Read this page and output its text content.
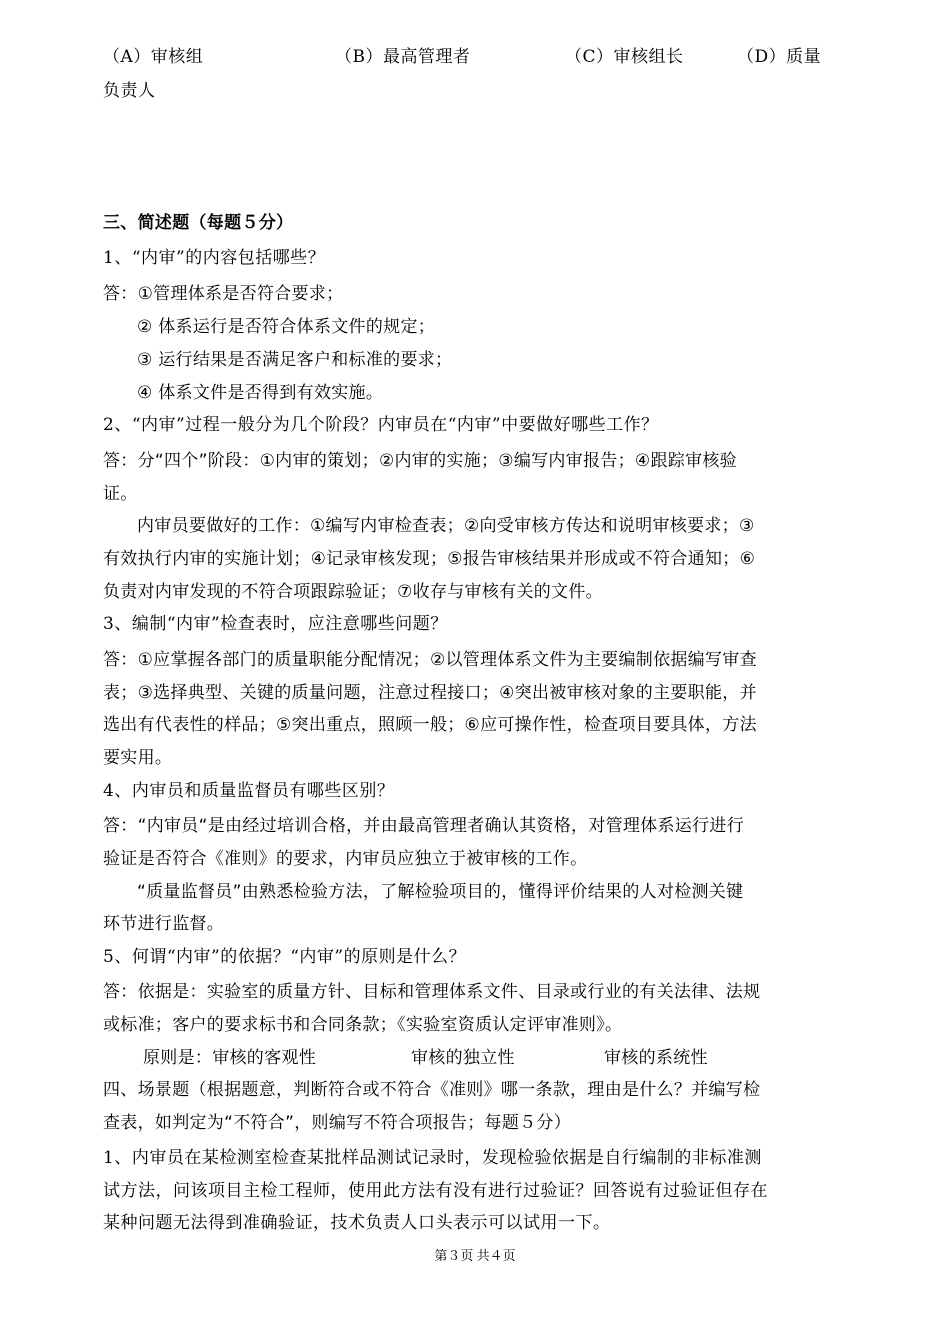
（A）审核组	（B）最高管理者	（C）审核组长	（D）质量
负责人
三、简述题（每题５分）
1、“内审”的内容包括哪些？
答：①管理体系是否符合要求；
② 体系运行是否符合体系文件的规定；
③ 运行结果是否满足客户和标准的要求；
④ 体系文件是否得到有效实施。
2、“内审”过程一般分为几个阶段？内审员在“内审”中要做好哪些工作？
答：分“四个”阶段：①内审的策划；②内审的实施；③编写内审报告；④跟踪审核验
证。
内审员要做好的工作：①编写内审检查表；②向受审核方传达和说明审核要求；③
有效执行内审的实施计划；④记录审核发现；⑤报告审核结果并形成或不符合通知；⑥
负责对内审发现的不符合项跟踪验证；⑦收存与审核有关的文件。
3、编制“内审”检查表时，应注意哪些问题？
答：①应掌握各部门的质量职能分配情况；②以管理体系文件为主要编制依据编写审查
表；③选择典型、关键的质量问题，注意过程接口；④突出被审核对象的主要职能，并
选出有代表性的样品；⑤突出重点，照顾一般；⑥应可操作性，检查项目要具体，方法
要实用。
4、内审员和质量监督员有哪些区别？
答：“内审员“是由经过培训合格，并由最高管理者确认其资格，对管理体系运行进行
验证是否符合《准则》的要求，内审员应独立于被审核的工作。
“质量监督员”由熟悉检验方法，了解检验项目的，懂得评价结果的人对检测关键
环节进行监督。
5、何谓“内审”的依据？“内审”的原则是什么？
答：依据是：实验室的质量方针、目标和管理体系文件、目录或行业的有关法律、法规
或标准；客户的要求标书和合同条款；《实验室资质认定评审准则》。
原则是：审核的客观性	审核的独立性	审核的系统性
四、场景题（根据题意，判断符合或不符合《准则》哪一条款，理由是什么？并编写检
查表，如判定为“不符合”，则编写不符合项报告；每题５分）
1、内审员在某检测室检查某批样品测试记录时，发现检验依据是自行编制的非标准测
试方法，问该项目主检工程师，使用此方法有没有进行过验证？回答说有过验证但存在
某种问题无法得到准确验证，技术负责人口头表示可以试用一下。
第３页 共４页
